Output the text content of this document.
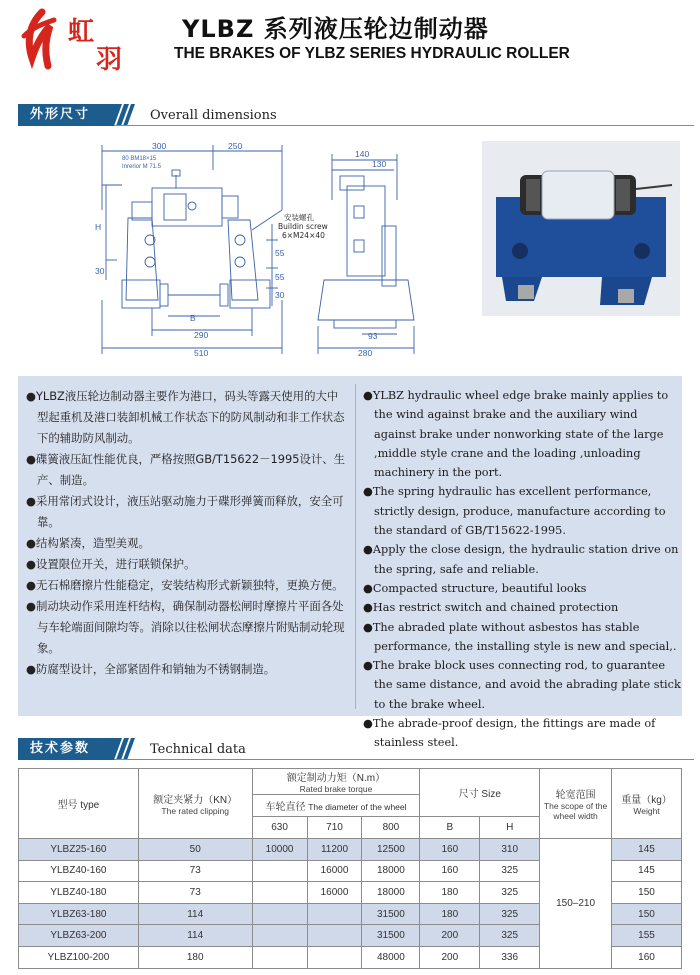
虹
羽
YLBZ 系列液压轮边制动器
THE BRAKES OF YLBZ SERIES HYDRAULIC ROLLER
外形尺寸	Overall dimensions
300	250
140
130
H
30
55
55
30
B
290
510
93
280
80 BM18×15
Inrerior M 71.5
安装螺孔
Buildin screw
6×M24×40
●YLBZ液压轮边制动器主要作为港口，码头等露天使用的大中型起重机及港口装卸机械工作状态下的防风制动和非工作状态下的辅助防风制动。
●碟簧液压缸性能优良，严格按照GB/T15622－1995设计、生产、制造。
●采用常闭式设计，液压站驱动施力于碟形弹簧而释放，安全可靠。
●结构紧凑，造型美观。
●设置限位开关，进行联锁保护。
●无石棉磨擦片性能稳定，安装结构形式新颖独特，更换方便。
●制动块动作采用连杆结构，确保制动器松闸时摩擦片平面各处与车轮端面间隙均等。消除以往松闸状态摩擦片附贴制动轮现象。
●防腐型设计，全部紧固件和销轴为不锈钢制造。
●YLBZ hydraulic wheel edge brake mainly applies to the wind against brake and the auxiliary wind against brake under nonworking state of the large ,middle style crane and the loading ,unloading machinery in the port.
●The spring hydraulic has excellent performance, strictly design, produce, manufacture according to the standard of GB/T15622-1995.
●Apply the close design, the hydraulic station drive on the spring, safe and reliable.
●Compacted structure, beautiful looks
●Has restrict switch and chained protection
●The abraded plate without asbestos has stable performance, the installing style is new and special,.
●The brake block uses connecting rod, to guarantee the same distance, and avoid the abrading plate stick to the brake wheel.
●The abrade-proof design, the fittings are made of stainless steel.
技术参数	Technical data
型号 type	额定夹紧力（KN）
The rated clipping	额定制动力矩（N.m）
Rated brake torque			尺寸 Size		轮宽范围
The scope of the
wheel width	重量（kg）
Weight

		车轮直径 The diameter of the wheel						
		630	710	800	B	H		
YLBZ25-160	50	10000	11200	12500	160	310	150–210	145
YLBZ40-160	73		16000	18000	160	325		145
YLBZ40-180	73		16000	18000	180	325		150
YLBZ63-180	114			31500	180	325		150
YLBZ63-200	114			31500	200	325		155
YLBZ100-200	180			48000	200	336		160
